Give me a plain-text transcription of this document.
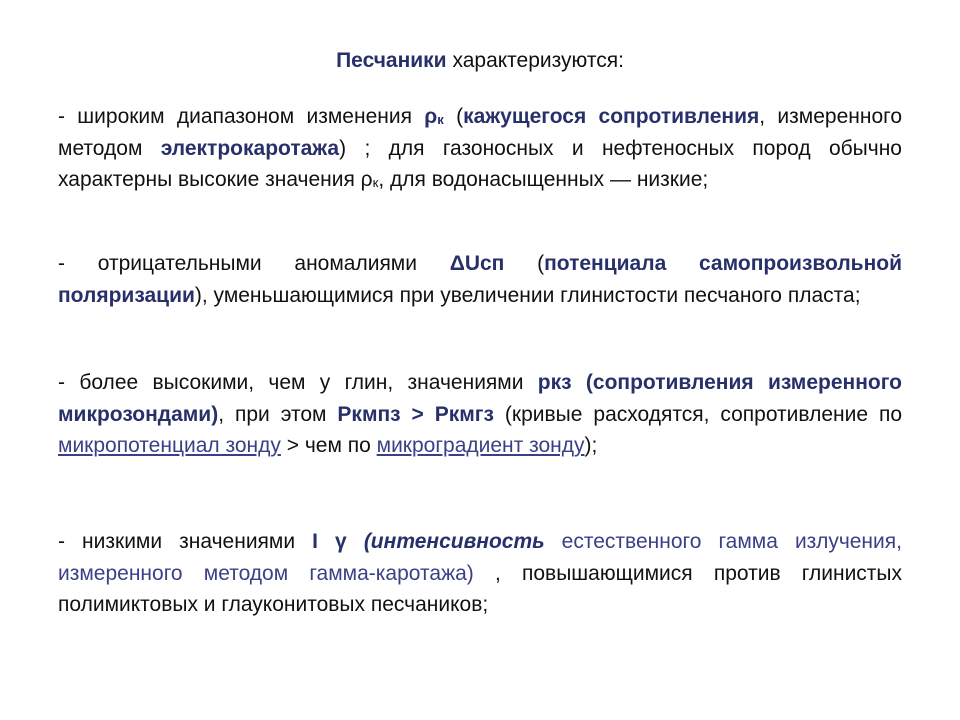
Песчаники характеризуются:

- широким диапазоном изменения $\rho_к$ (кажущегося сопротивления, измеренного методом электрокаротажа) ; для газоносных и нефтеносных пород обычно характерны высокие значения $\rho_к$, для водонасыщенных — низкие;

- отрицательными аномалиями ΔUсп (потенциала самопроизвольной поляризации), уменьшающимися при увеличении глинистости песчаного пласта;

- более высокими, чем у глин, значениями ркз (сопротивления измеренного микрозондами), при этом Ркмпз > Ркмгз (кривые расходятся, сопротивление по микропотенциал зонду > чем по микроградиент зонду);

- низкими значениями I γ (интенсивность естественного гамма излучения, измеренного методом гамма-каротажа) , повышающимися против глинистых полимиктовых и глауконитовых песчаников;
